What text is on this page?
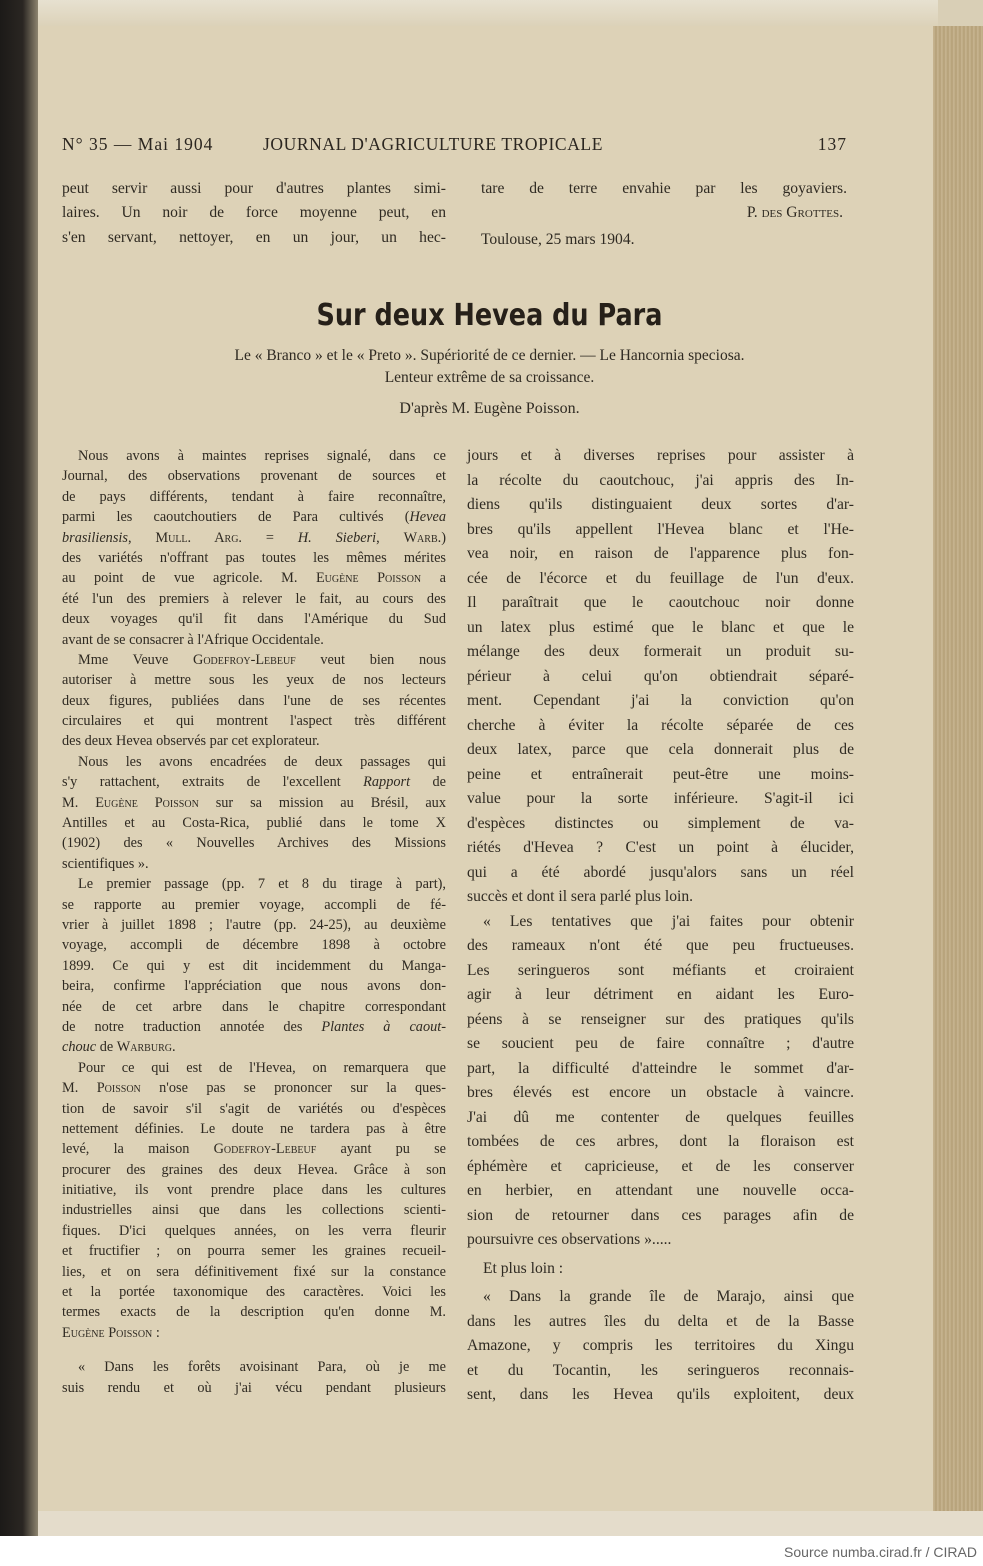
N° 35 — Mai 1904	JOURNAL D'AGRICULTURE TROPICALE	137
peut servir aussi pour d'autres plantes simi-
laires. Un noir de force moyenne peut, en
s'en servant, nettoyer, en un jour, un hec-
tare de terre envahie par les goyaviers.
P. des Grottes.
Toulouse, 25 mars 1904.
Sur deux Hevea du Para
Le « Branco » et le « Preto ». Supériorité de ce dernier. — Le Hancornia speciosa.
Lenteur extrême de sa croissance.
D'après M. Eugène Poisson.
Nous avons à maintes reprises signalé, dans ce
Journal, des observations provenant de sources et
de pays différents, tendant à faire reconnaître,
parmi les caoutchoutiers de Para cultivés (Hevea
brasiliensis, Mull. Arg. = H. Sieberi, Warb.)
des variétés n'offrant pas toutes les mêmes mérites
au point de vue agricole. M. Eugène Poisson a
été l'un des premiers à relever le fait, au cours des
deux voyages qu'il fit dans l'Amérique du Sud
avant de se consacrer à l'Afrique Occidentale.
Mme Veuve Godefroy-Lebeuf veut bien nous
autoriser à mettre sous les yeux de nos lecteurs
deux figures, publiées dans l'une de ses récentes
circulaires et qui montrent l'aspect très différent
des deux Hevea observés par cet explorateur.
Nous les avons encadrées de deux passages qui
s'y rattachent, extraits de l'excellent Rapport de
M. Eugène Poisson sur sa mission au Brésil, aux
Antilles et au Costa-Rica, publié dans le tome X
(1902) des « Nouvelles Archives des Missions
scientifiques ».
Le premier passage (pp. 7 et 8 du tirage à part),
se rapporte au premier voyage, accompli de fé-
vrier à juillet 1898 ; l'autre (pp. 24-25), au deuxième
voyage, accompli de décembre 1898 à octobre
1899. Ce qui y est dit incidemment du Manga-
beira, confirme l'appréciation que nous avons don-
née de cet arbre dans le chapitre correspondant
de notre traduction annotée des Plantes à caout-
chouc de Warburg.
Pour ce qui est de l'Hevea, on remarquera que
M. Poisson n'ose pas se prononcer sur la ques-
tion de savoir s'il s'agit de variétés ou d'espèces
nettement définies. Le doute ne tardera pas à être
levé, la maison Godefroy-Lebeuf ayant pu se
procurer des graines des deux Hevea. Grâce à son
initiative, ils vont prendre place dans les cultures
industrielles ainsi que dans les collections scienti-
fiques. D'ici quelques années, on les verra fleurir
et fructifier ; on pourra semer les graines recueil-
lies, et on sera définitivement fixé sur la constance
et la portée taxonomique des caractères. Voici les
termes exacts de la description qu'en donne M.
Eugène Poisson :
« Dans les forêts avoisinant Para, où je me
suis rendu et où j'ai vécu pendant plusieurs
jours et à diverses reprises pour assister à
la récolte du caoutchouc, j'ai appris des In-
diens qu'ils distinguaient deux sortes d'ar-
bres qu'ils appellent l'Hevea blanc et l'He-
vea noir, en raison de l'apparence plus fon-
cée de l'écorce et du feuillage de l'un d'eux.
Il paraîtrait que le caoutchouc noir donne
un latex plus estimé que le blanc et que le
mélange des deux formerait un produit su-
périeur à celui qu'on obtiendrait séparé-
ment. Cependant j'ai la conviction qu'on
cherche à éviter la récolte séparée de ces
deux latex, parce que cela donnerait plus de
peine et entraînerait peut-être une moins-
value pour la sorte inférieure. S'agit-il ici
d'espèces distinctes ou simplement de va-
riétés d'Hevea ? C'est un point à élucider,
qui a été abordé jusqu'alors sans un réel
succès et dont il sera parlé plus loin.
« Les tentatives que j'ai faites pour obtenir
des rameaux n'ont été que peu fructueuses.
Les seringueros sont méfiants et croiraient
agir à leur détriment en aidant les Euro-
péens à se renseigner sur des pratiques qu'ils
se soucient peu de faire connaître ; d'autre
part, la difficulté d'atteindre le sommet d'ar-
bres élevés est encore un obstacle à vaincre.
J'ai dû me contenter de quelques feuilles
tombées de ces arbres, dont la floraison est
éphémère et capricieuse, et de les conserver
en herbier, en attendant une nouvelle occa-
sion de retourner dans ces parages afin de
poursuivre ces observations ».....
Et plus loin :
« Dans la grande île de Marajo, ainsi que
dans les autres îles du delta et de la Basse
Amazone, y compris les territoires du Xingu
et du Tocantin, les seringueros reconnais-
sent, dans les Hevea qu'ils exploitent, deux
Source numba.cirad.fr / CIRAD
